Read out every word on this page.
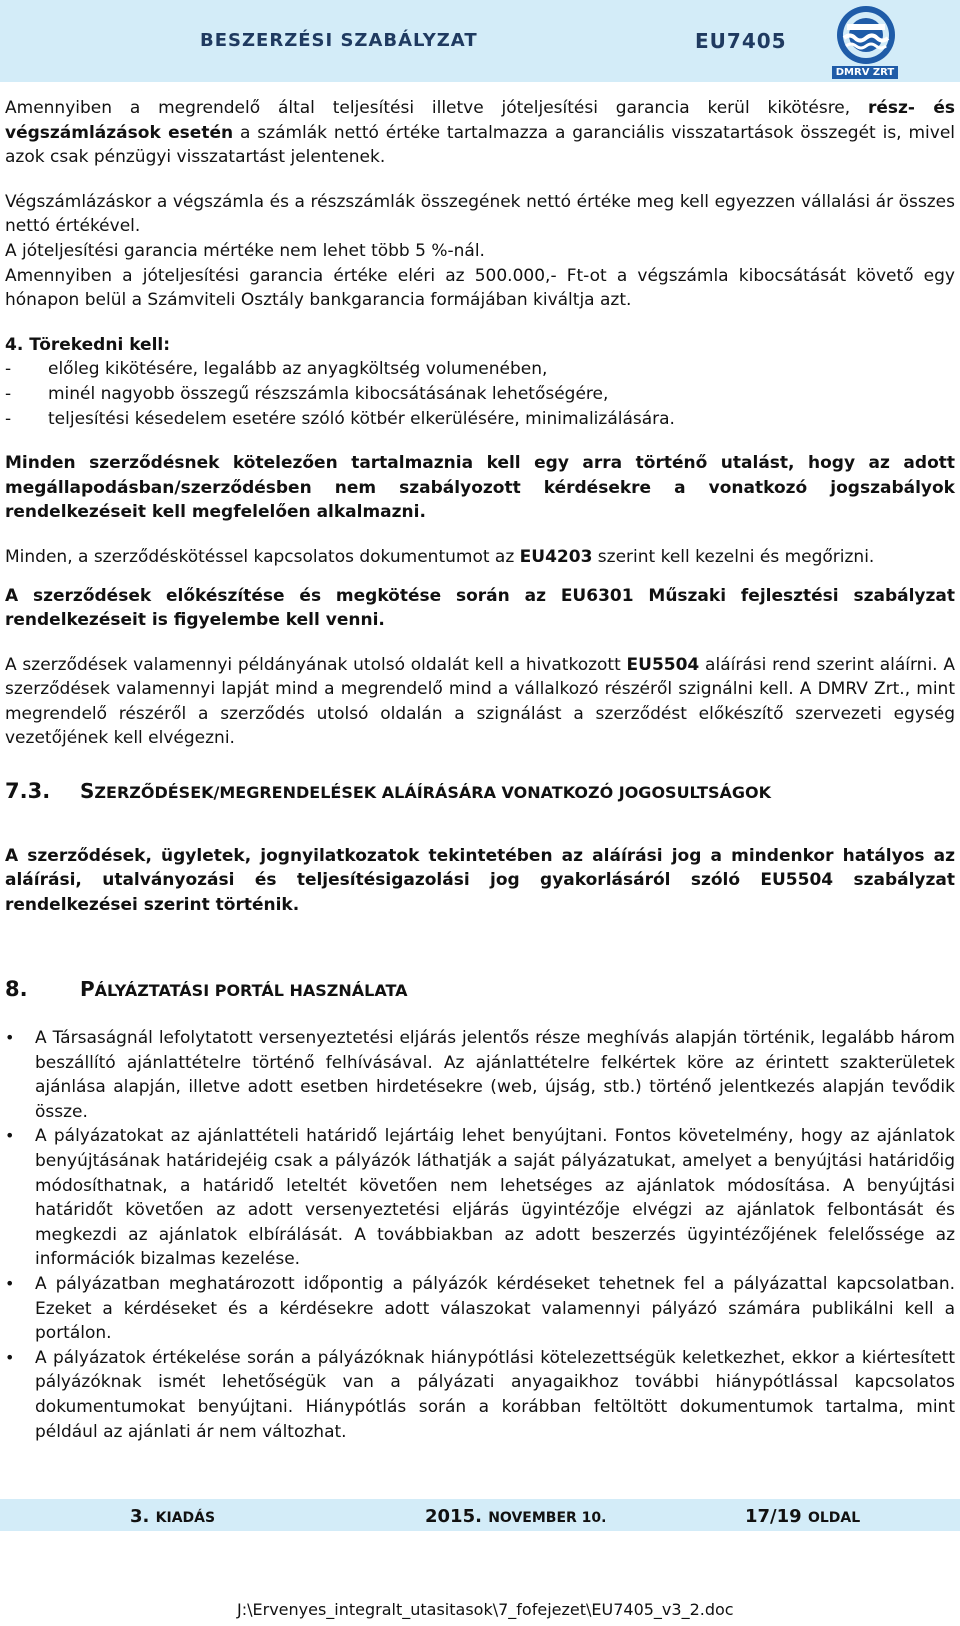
BESZERZÉSI SZABÁLYZAT	EU7405
DMRV ZRT

Amennyiben a megrendelő által teljesítési illetve jóteljesítési garancia kerül kikötésre, rész- és végszámlázások esetén a számlák nettó értéke tartalmazza a garanciális visszatartások összegét is, mivel azok csak pénzügyi visszatartást jelentenek.

Végszámlázáskor a végszámla és a részszámlák összegének nettó értéke meg kell egyezzen vállalási ár összes nettó értékével.

A jóteljesítési garancia mértéke nem lehet több 5 %-nál.

Amennyiben a jóteljesítési garancia értéke eléri az 500.000,- Ft-ot a végszámla kibocsátását követő egy hónapon belül a Számviteli Osztály bankgarancia formájában kiváltja azt.

4. Törekedni kell:

-	előleg kikötésére, legalább az anyagköltség volumenében,
-	minél nagyobb összegű részszámla kibocsátásának lehetőségére,
-	teljesítési késedelem esetére szóló kötbér elkerülésére, minimalizálására.

Minden szerződésnek kötelezően tartalmaznia kell egy arra történő utalást, hogy az adott megállapodásban/szerződésben nem szabályozott kérdésekre a vonatkozó jogszabályok rendelkezéseit kell megfelelően alkalmazni.

Minden, a szerződéskötéssel kapcsolatos dokumentumot az EU4203 szerint kell kezelni és megőrizni.

A szerződések előkészítése és megkötése során az EU6301 Műszaki fejlesztési szabályzat rendelkezéseit is figyelembe kell venni.

A szerződések valamennyi példányának utolsó oldalát kell a hivatkozott EU5504 aláírási rend szerint aláírni. A szerződések valamennyi lapját mind a megrendelő mind a vállalkozó részéről szignálni kell. A DMRV Zrt., mint megrendelő részéről a szerződés utolsó oldalán a szignálást a szerződést előkészítő szervezeti egység vezetőjének kell elvégezni.

7.3.	S ZERZŐDÉSEK/MEGRENDELÉSEK ALÁÍRÁSÁRA VONATKOZÓ JOGOSULTSÁGOK

A szerződések, ügyletek, jognyilatkozatok tekintetében az aláírási jog a mindenkor hatályos az aláírási, utalványozási és teljesítésigazolási jog gyakorlásáról szóló EU5504 szabályzat rendelkezései szerint történik.

8.	P ÁLYÁZTATÁSI PORTÁL HASZNÁLATA
•	A Társaságnál lefolytatott versenyeztetési eljárás jelentős része meghívás alapján történik, legalább három beszállító ajánlattételre történő felhívásával. Az ajánlattételre felkértek köre az érintett szakterületek ajánlása alapján, illetve adott esetben hirdetésekre (web, újság, stb.) történő jelentkezés alapján tevődik össze.
•	A pályázatokat az ajánlattételi határidő lejártáig lehet benyújtani. Fontos követelmény, hogy az ajánlatok benyújtásának határidejéig csak a pályázók láthatják a saját pályázatukat, amelyet a benyújtási határidőig módosíthatnak, a határidő leteltét követően nem lehetséges az ajánlatok módosítása. A benyújtási határidőt követően az adott versenyeztetési eljárás ügyintézője elvégzi az ajánlatok felbontását és megkezdi az ajánlatok elbírálását. A továbbiakban az adott beszerzés ügyintézőjének felelőssége az információk bizalmas kezelése.
•	A pályázatban meghatározott időpontig a pályázók kérdéseket tehetnek fel a pályázattal kapcsolatban. Ezeket a kérdéseket és a kérdésekre adott válaszokat valamennyi pályázó számára publikálni kell a portálon.
•	A pályázatok értékelése során a pályázóknak hiánypótlási kötelezettségük keletkezhet, ekkor a kiértesített pályázóknak ismét lehetőségük van a pályázati anyagaikhoz további hiánypótlással kapcsolatos dokumentumokat benyújtani. Hiánypótlás során a korábban feltöltött dokumentumok tartalma, mint például az ajánlati ár nem változhat.
3. KIADÁS	2015. NOVEMBER 10.	17/19 OLDAL
J:\Ervenyes_integralt_utasitasok\7_fofejezet\EU7405_v3_2.doc
